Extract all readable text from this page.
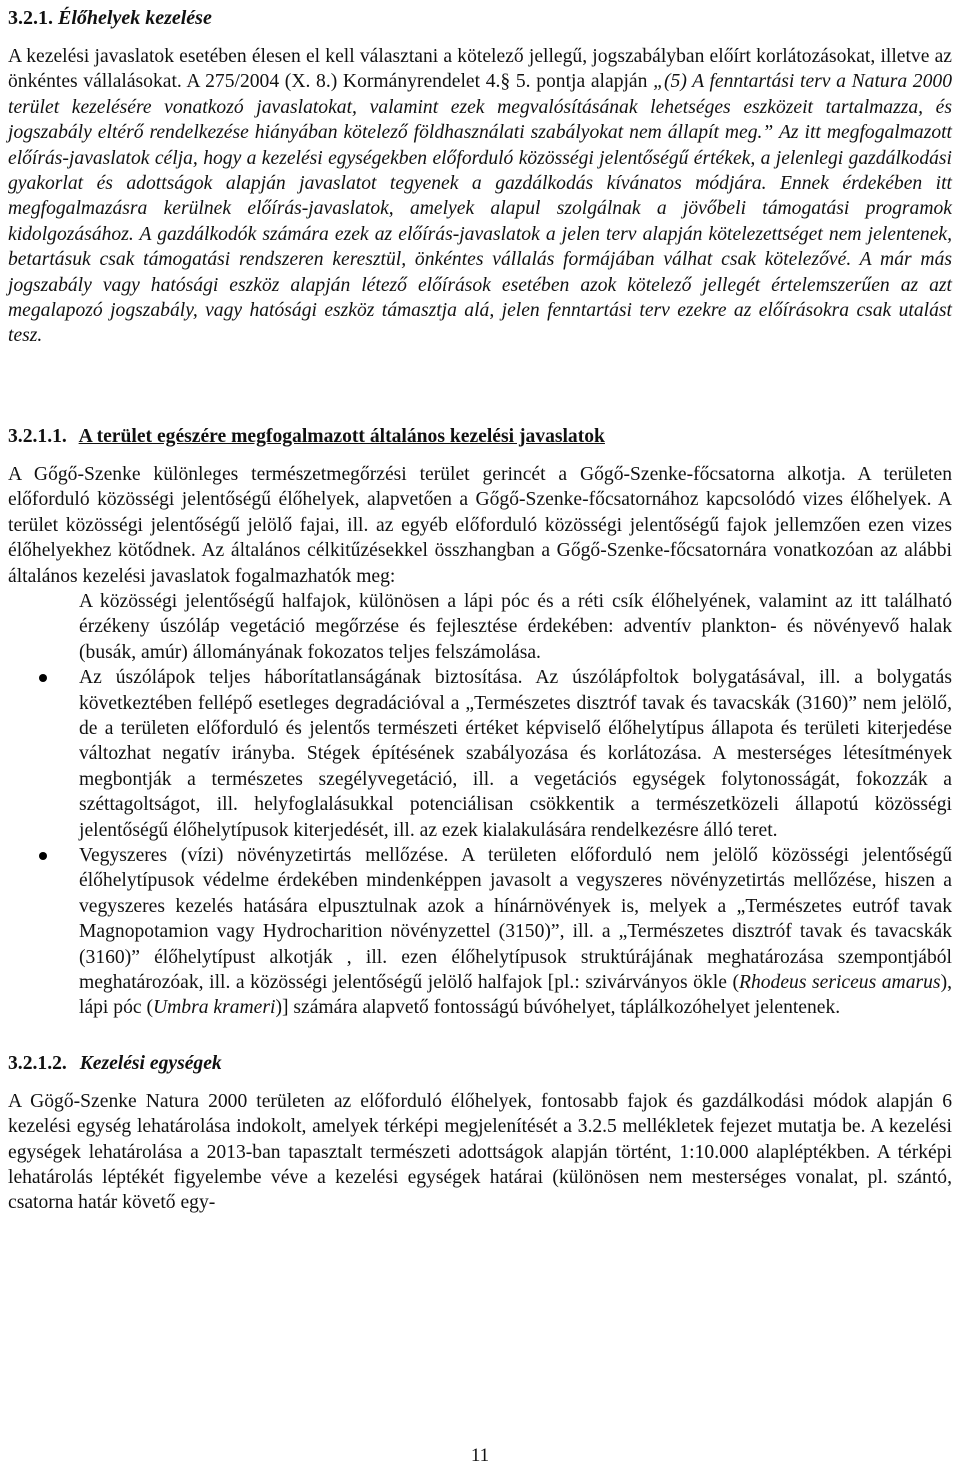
3.2.1. Élőhelyek kezelése

A kezelési javaslatok esetében élesen el kell választani a kötelező jellegű, jogszabályban előírt korlátozásokat, illetve az önkéntes vállalásokat. A 275/2004 (X. 8.) Kormányrendelet 4.§ 5. pontja alapján „(5) A fenntartási terv a Natura 2000 terület kezelésére vonatkozó javaslatokat, valamint ezek megvalósításának lehetséges eszközeit tartalmazza, és jogszabály eltérő rendelkezése hiányában kötelező földhasználati szabályokat nem állapít meg.” Az itt megfogalmazott előírás-javaslatok célja, hogy a kezelési egységekben előforduló közösségi jelentőségű értékek, a jelenlegi gazdálkodási gyakorlat és adottságok alapján javaslatot tegyenek a gazdálkodás kívánatos módjára. Ennek érdekében itt megfogalmazásra kerülnek előírás-javaslatok, amelyek alapul szolgálnak a jövőbeli támogatási programok kidolgozásához. A gazdálkodók számára ezek az előírás-javaslatok a jelen terv alapján kötelezettséget nem jelentenek, betartásuk csak támogatási rendszeren keresztül, önkéntes vállalás formájában válhat csak kötelezővé. A már más jogszabály vagy hatósági eszköz alapján létező előírások esetében azok kötelező jellegét értelemszerűen az azt megalapozó jogszabály, vagy hatósági eszköz támasztja alá, jelen fenntartási terv ezekre az előírásokra csak utalást tesz.

3.2.1.1. A terület egészére megfogalmazott általános kezelési javaslatok

A Gőgő-Szenke különleges természetmegőrzési terület gerincét a Gőgő-Szenke-főcsatorna alkotja. A területen előforduló közösségi jelentőségű élőhelyek, alapvetően a Gőgő-Szenke-főcsatornához kapcsolódó vizes élőhelyek. A terület közösségi jelentőségű jelölő fajai, ill. az egyéb előforduló közösségi jelentőségű fajok jellemzően ezen vizes élőhelyekhez kötődnek. Az általános célkitűzésekkel összhangban a Gőgő-Szenke-főcsatornára vonatkozóan az alábbi általános kezelési javaslatok fogalmazhatók meg:

A közösségi jelentőségű halfajok, különösen a lápi póc és a réti csík élőhelyének, valamint az itt található érzékeny úszóláp vegetáció megőrzése és fejlesztése érdekében: adventív plankton- és növényevő halak (busák, amúr) állományának fokozatos teljes felszámolása.
Az úszólápok teljes háborítatlanságának biztosítása. Az úszólápfoltok bolygatásával, ill. a bolygatás következtében fellépő esetleges degradációval a „Természetes disztróf tavak és tavacskák (3160)” nem jelölő, de a területen előforduló és jelentős természeti értéket képviselő élőhelytípus állapota és területi kiterjedése változhat negatív irányba. Stégek építésének szabályozása és korlátozása. A mesterséges létesítmények megbontják a természetes szegélyvegetáció, ill. a vegetációs egységek folytonosságát, fokozzák a széttagoltságot, ill. helyfoglalásukkal potenciálisan csökkentik a természetközeli állapotú közösségi jelentőségű élőhelytípusok kiterjedését, ill. az ezek kialakulására rendelkezésre álló teret.
Vegyszeres (vízi) növényzetirtás mellőzése. A területen előforduló nem jelölő közösségi jelentőségű élőhelytípusok védelme érdekében mindenképpen javasolt a vegyszeres növényzetirtás mellőzése, hiszen a vegyszeres kezelés hatására elpusztulnak azok a hínárnövények is, melyek a „Természetes eutróf tavak Magnopotamion vagy Hydrocharition növényzettel (3150)”, ill. a „Természetes disztróf tavak és tavacskák (3160)” élőhelytípust alkotják , ill. ezen élőhelytípusok struktúrájának meghatározása szempontjából meghatározóak, ill. a közösségi jelentőségű jelölő halfajok [pl.: szivárványos ökle (Rhodeus sericeus amarus), lápi póc (Umbra krameri)] számára alapvető fontosságú búvóhelyet, táplálkozóhelyet jelentenek.
3.2.1.2. Kezelési egységek

A Gögő-Szenke Natura 2000 területen az előforduló élőhelyek, fontosabb fajok és gazdálkodási módok alapján 6 kezelési egység lehatárolása indokolt, amelyek térképi megjelenítését a 3.2.5 mellékletek fejezet mutatja be. A kezelési egységek lehatárolása a 2013-ban tapasztalt természeti adottságok alapján történt, 1:10.000 alapléptékben. A térképi lehatárolás léptékét figyelembe véve a kezelési egységek határai (különösen nem mesterséges vonalat, pl. szántó, csatorna határ követő egy-

11
